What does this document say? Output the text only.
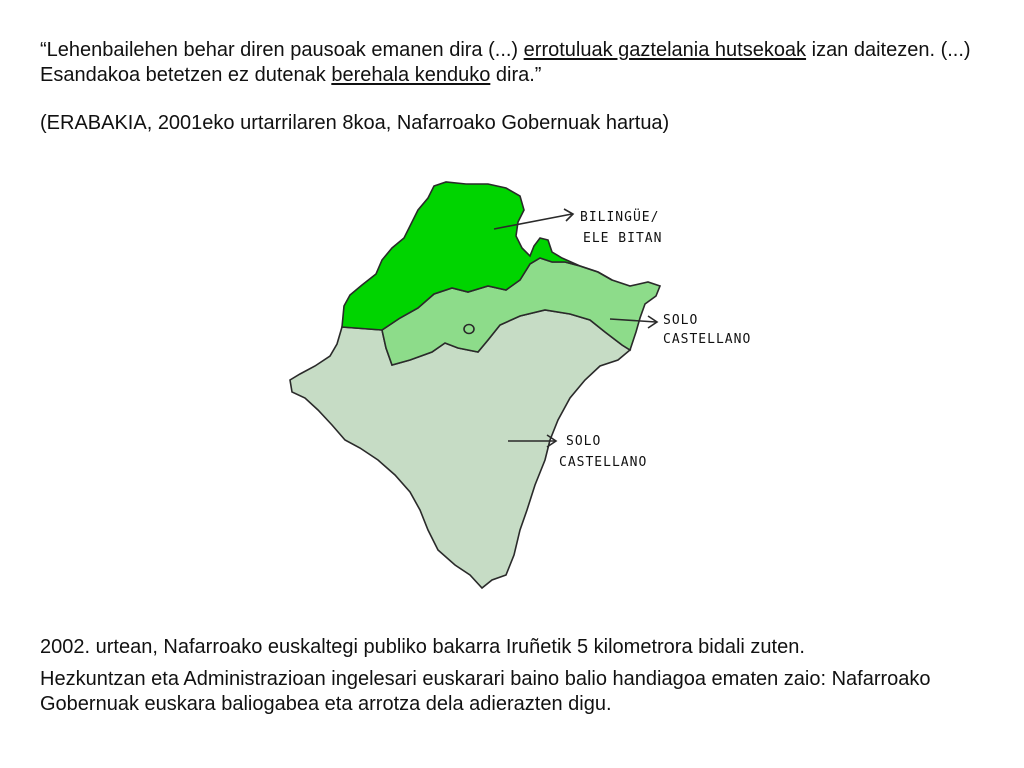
“Lehenbailehen behar diren pausoak emanen dira (...) errotuluak gaztelania hutsekoak izan daitezen. (...) Esandakoa betetzen ez dutenak berehala kenduko dira.”

(ERABAKIA, 2001eko urtarrilaren 8koa, Nafarroako Gobernuak hartua)
BILINGÜE/
ELE BITAN
SOLO
CASTELLANO
SOLO
CASTELLANO

2002. urtean, Nafarroako euskaltegi publiko bakarra Iruñetik 5 kilometrora bidali zuten.

Hezkuntzan eta Administrazioan ingelesari euskarari baino balio handiagoa ematen zaio: Nafarroako Gobernuak euskara baliogabea eta arrotza dela adierazten digu.
